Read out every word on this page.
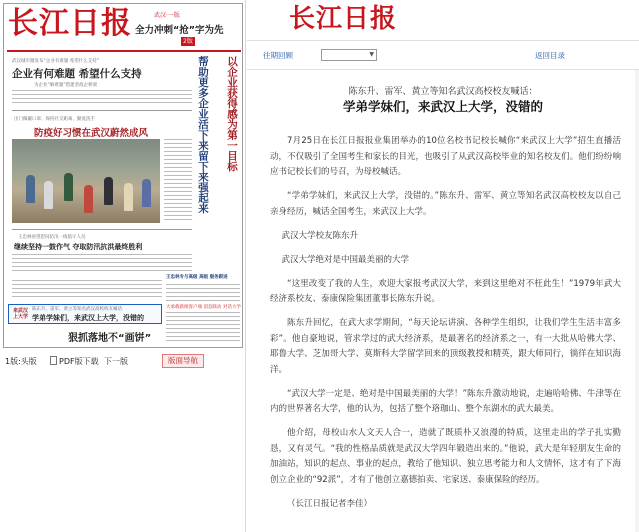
长江日报	武汉·一版
全力冲刺“抢”字为先
2版
武汉城市圈发布“企业有难题 希望什么支持”
企业有何难题 希望什么支持
为企业“解难题”搭建金政企桥梁
出门佩戴口罩、保持社交距离、勤洗洗手
防疫好习惯在武汉蔚然成风	帮助更多企业活下来留下来强起来	以企业获得感为第一目标
王忠林看望慰问防汛一线值守人员
继续坚持一鼓作气 夺取防汛抗洪最终胜利
王忠林专与高级 高级 服务跟进
大承载新闻客户端 消息联动 对话大学
来武汉
上大学
陈东升、雷军、黄立等知名武汉高校校友喊话
学弟学妹们，来武汉上大学，没错的
狠抓落地不“画饼”
1版:头版	PDF版下载 下一版	版面导航
长江日报
往期回顾	▼	返回目录
陈东升、雷军、黄立等知名武汉高校校友喊话：
学弟学妹们，来武汉上大学，没错的

7月25日在长江日报报业集团举办的10位名校书记校长喊你“来武汉上大学”招生直播活动，不仅吸引了全国考生和家长的目光，也吸引了从武汉高校毕业的知名校友们。他们纷纷响应书记校长们的号召，为母校喊话。

“学弟学妹们，来武汉上大学，没错的。”陈东升、雷军、黄立等知名武汉高校校友以自己亲身经历，喊话全国考生，来武汉上大学。

武汉大学校友陈东升

武汉大学绝对是中国最美丽的大学

“这里改变了我的人生，欢迎大家报考武汉大学，来到这里绝对不枉此生！”1979年武大经济系校友、泰康保险集团董事长陈东升说。

陈东升回忆，在武大求学期间，“每天论坛讲演、各种学生组织，让我们学生生活丰富多彩”。他自豪地说，管求学过的武大经济系，是最著名的经济系之一，有一大批从哈佛大学、耶鲁大学、芝加哥大学、莫斯科大学留学回来的顶级教授和精英，跟大师同行，徜徉在知识海洋。

“武汉大学一定是、绝对是中国最美丽的大学！”陈东升激动地说，走遍哈哈佛、牛津等在内的世界著名大学，他的认为，包括了整个珞珈山、整个东湖水的武大最美。

他介绍，母校山水人文天人合一，造就了既质朴又浪漫的特质，这里走出的学子扎实勤恳，又有灵气。“我的性格品质就是武汉大学四年锻造出来的。”他说，武大是年轻朋友生命的加油站，知识的起点、事业的起点，教给了他知识、独立思考能力和人文情怀，这才有了下海创立企业的“92派”，才有了他创立嘉德拍卖、宅家送、泰康保险的经历。

（长江日报记者李佳）
